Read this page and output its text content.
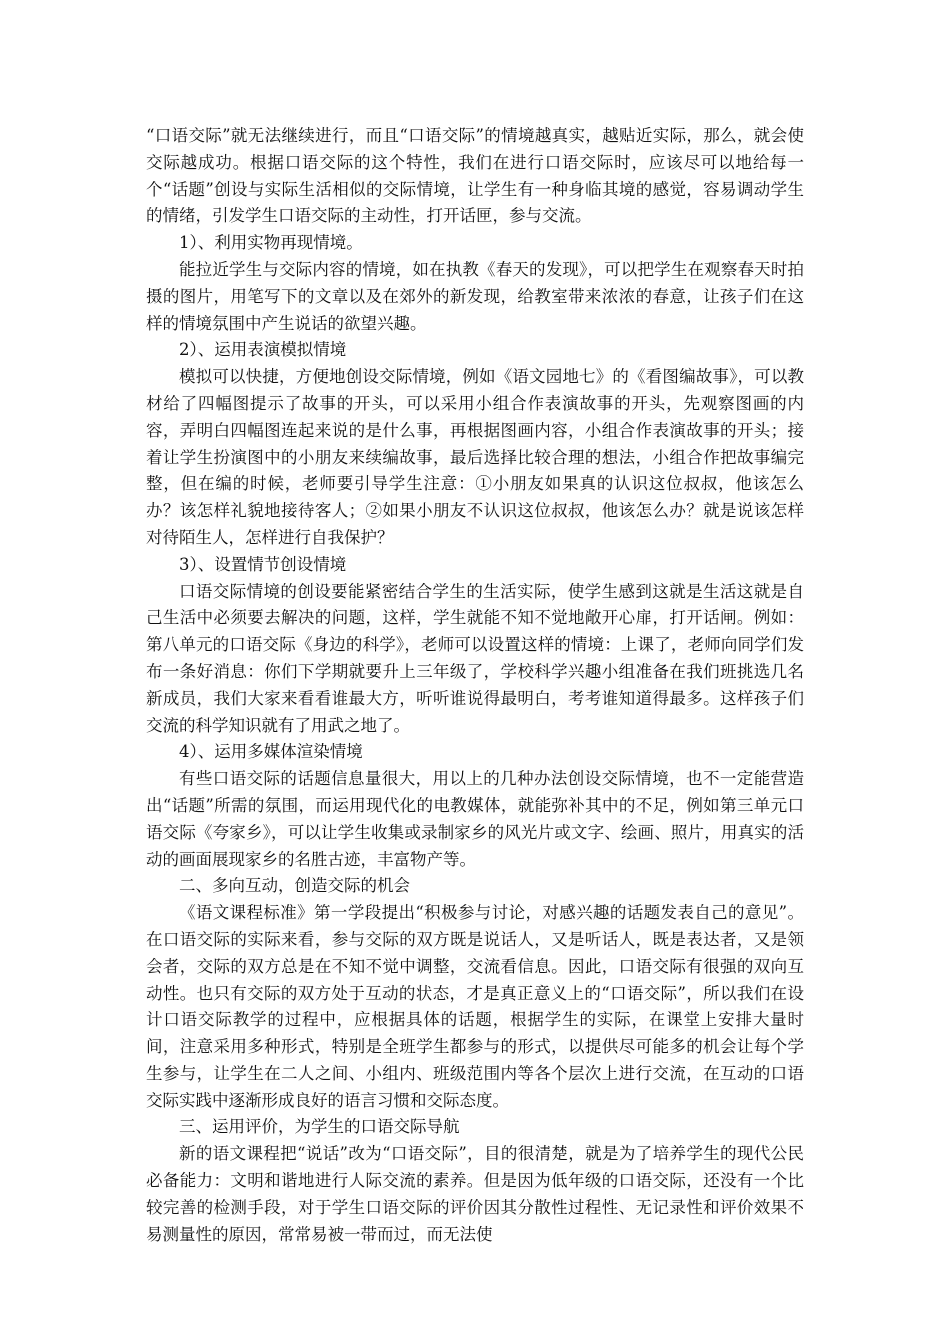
“口语交际”就无法继续进行，而且“口语交际”的情境越真实，越贴近实际，那么，就会使交际越成功。根据口语交际的这个特性，我们在进行口语交际时，应该尽可以地给每一个“话题”创设与实际生活相似的交际情境，让学生有一种身临其境的感觉，容易调动学生的情绪，引发学生口语交际的主动性，打开话匣，参与交流。

1）、利用实物再现情境。

能拉近学生与交际内容的情境，如在执教《春天的发现》，可以把学生在观察春天时拍摄的图片，用笔写下的文章以及在郊外的新发现，给教室带来浓浓的春意，让孩子们在这样的情境氛围中产生说话的欲望兴趣。

2）、运用表演模拟情境

模拟可以快捷，方便地创设交际情境，例如《语文园地七》的《看图编故事》，可以教材给了四幅图提示了故事的开头，可以采用小组合作表演故事的开头，先观察图画的内容，弄明白四幅图连起来说的是什么事，再根据图画内容，小组合作表演故事的开头；接着让学生扮演图中的小朋友来续编故事，最后选择比较合理的想法，小组合作把故事编完整，但在编的时候，老师要引导学生注意：①小朋友如果真的认识这位叔叔，他该怎么办？该怎样礼貌地接待客人；②如果小朋友不认识这位叔叔，他该怎么办？就是说该怎样对待陌生人，怎样进行自我保护？

3）、设置情节创设情境

口语交际情境的创设要能紧密结合学生的生活实际，使学生感到这就是生活这就是自己生活中必须要去解决的问题，这样，学生就能不知不觉地敞开心扉，打开话闸。例如：第八单元的口语交际《身边的科学》，老师可以设置这样的情境：上课了，老师向同学们发布一条好消息：你们下学期就要升上三年级了，学校科学兴趣小组准备在我们班挑选几名新成员，我们大家来看看谁最大方，听听谁说得最明白，考考谁知道得最多。这样孩子们交流的科学知识就有了用武之地了。

4）、运用多媒体渲染情境

有些口语交际的话题信息量很大，用以上的几种办法创设交际情境，也不一定能营造出“话题”所需的氛围，而运用现代化的电教媒体，就能弥补其中的不足，例如第三单元口语交际《夸家乡》，可以让学生收集或录制家乡的风光片或文字、绘画、照片，用真实的活动的画面展现家乡的名胜古迹，丰富物产等。

二、多向互动，创造交际的机会

《语文课程标准》第一学段提出“积极参与讨论，对感兴趣的话题发表自己的意见”。在口语交际的实际来看，参与交际的双方既是说话人，又是听话人，既是表达者，又是领会者，交际的双方总是在不知不觉中调整，交流看信息。因此，口语交际有很强的双向互动性。也只有交际的双方处于互动的状态，才是真正意义上的“口语交际”，所以我们在设计口语交际教学的过程中，应根据具体的话题，根据学生的实际，在课堂上安排大量时间，注意采用多种形式，特别是全班学生都参与的形式，以提供尽可能多的机会让每个学生参与，让学生在二人之间、小组内、班级范围内等各个层次上进行交流，在互动的口语交际实践中逐渐形成良好的语言习惯和交际态度。

三、运用评价，为学生的口语交际导航

新的语文课程把“说话”改为“口语交际”，目的很清楚，就是为了培养学生的现代公民必备能力：文明和谐地进行人际交流的素养。但是因为低年级的口语交际，还没有一个比较完善的检测手段，对于学生口语交际的评价因其分散性过程性、无记录性和评价效果不易测量性的原因，常常易被一带而过，而无法使
